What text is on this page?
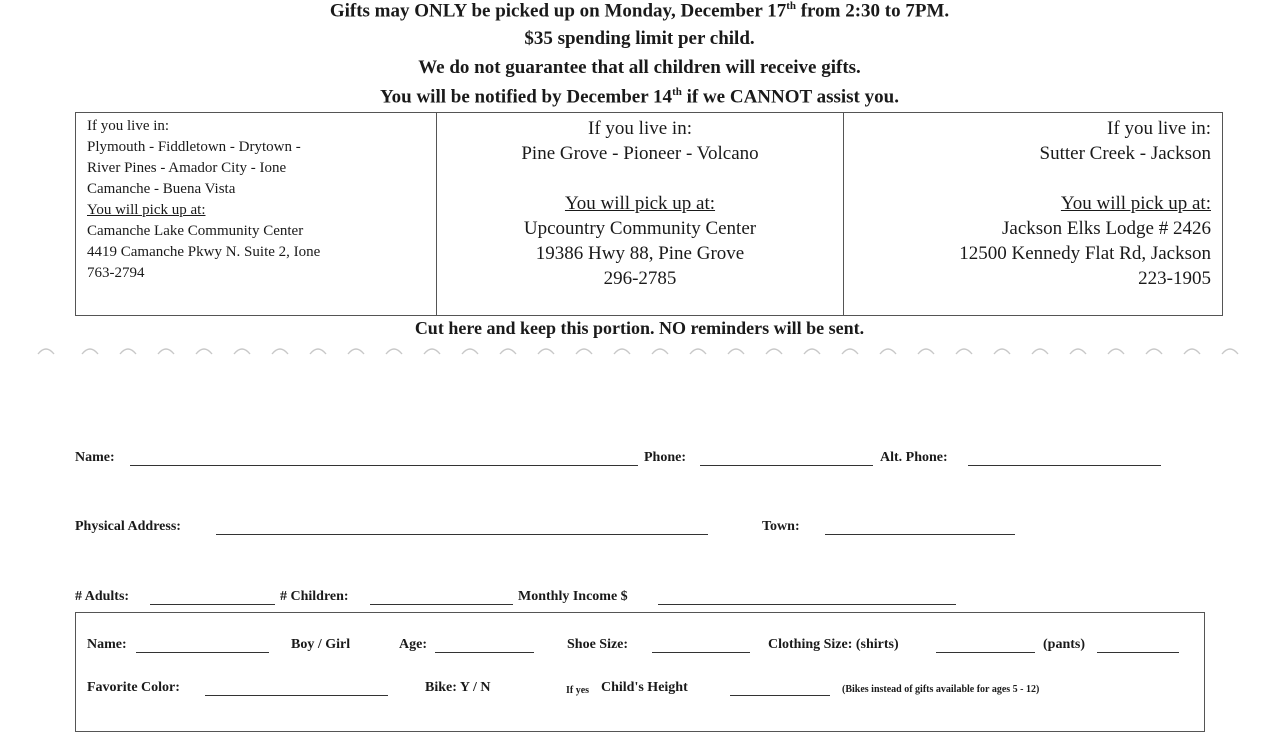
Gifts may ONLY be picked up on Monday, December 17th from 2:30 to 7PM.
$35 spending limit per child.
We do not guarantee that all children will receive gifts.
You will be notified by December 14th if we CANNOT assist you.
If you live in:
Plymouth - Fiddletown - Drytown -
River Pines - Amador City - Ione
Camanche - Buena Vista
You will pick up at:
Camanche Lake Community Center
4419 Camanche Pkwy N. Suite 2, Ione
763-2794
If you live in:
Pine Grove - Pioneer - Volcano
You will pick up at:
Upcountry Community Center
19386 Hwy 88, Pine Grove
296-2785
If you live in:
Sutter Creek - Jackson
You will pick up at:
Jackson Elks Lodge # 2426
12500 Kennedy Flat Rd, Jackson
223-1905
Cut here and keep this portion. NO reminders will be sent.
Name:	Phone:	Alt. Phone:
Physical Address:	Town:
# Adults:	# Children:	Monthly Income $
Name:	Boy / Girl	Age:	Shoe Size:	Clothing Size: (shirts)	(pants)
Favorite Color:	Bike: Y / N	If yes Child's Height	(Bikes instead of gifts available for ages 5 - 12)
